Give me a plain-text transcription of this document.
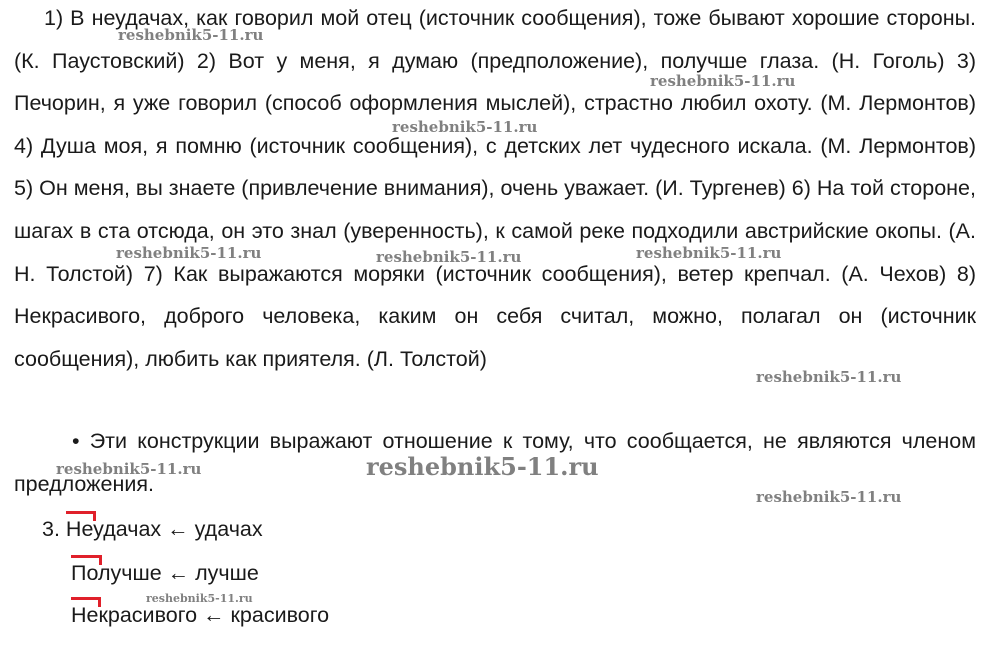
1) В неудачах, как говорил мой отец (источник сообщения), тоже бывают хорошие стороны. (К. Паустовский) 2) Вот у меня, я думаю (предположение), получше глаза. (Н. Гоголь) 3) Печорин, я уже говорил (способ оформления мыслей), страстно любил охоту. (М. Лермонтов) 4) Душа моя, я помню (источник сообщения), с детских лет чудесного искала. (М. Лермонтов) 5) Он меня, вы знаете (привлечение внимания), очень уважает. (И. Тургенев) 6) На той стороне, шагах в ста отсюда, он это знал (уверенность), к самой реке подходили австрийские окопы. (А. Н. Толстой) 7) Как выражаются моряки (источник сообщения), ветер крепчал. (А. Чехов) 8) Некрасивого, доброго человека, каким он себя считал, можно, полагал он (источник сообщения), любить как приятеля. (Л. Толстой)

• Эти конструкции выражают отношение к тому, что сообщается, не являются членом предложения.

3. Неудачах ← удачах

Получше ← лучше

Некрасивого ← красивого

reshebnik5-11.ru
reshebnik5-11.ru
reshebnik5-11.ru
reshebnik5-11.ru	reshebnik5-11.ru	reshebnik5-11.ru
reshebnik5-11.ru
reshebnik5-11.ru	reshebnik5-11.ru
reshebnik5-11.ru
reshebnik5-11.ru
